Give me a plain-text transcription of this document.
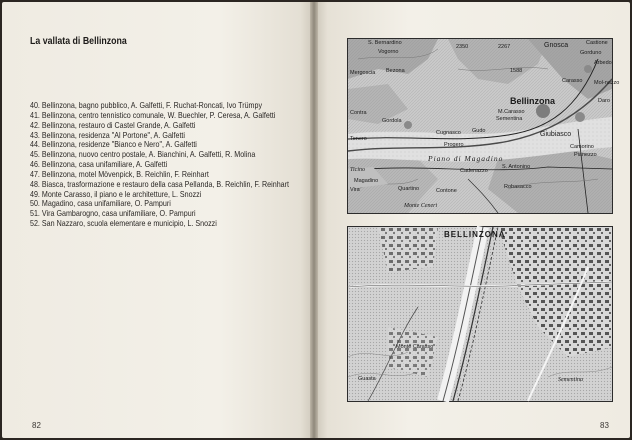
La vallata di Bellinzona
40. Bellinzona, bagno pubblico, A. Galfetti, F. Ruchat-Roncati, Ivo Trümpy
41. Bellinzona, centro tennistico comunale, W. Buechler, P. Ceresa, A. Galfetti
42. Bellinzona, restauro di Castel Grande, A. Galfetti
43. Bellinzona, residenza "Al Portone", A. Galfetti
44. Bellinzona, residenze "Bianco e Nero", A. Galfetti
45. Bellinzona, nuovo centro postale, A. Bianchini, A. Galfetti, R. Molina
46. Bellinzona, casa unifamiliare, A. Galfetti
47. Bellinzona, motel Mövenpick, B. Reichlin, F. Reinhart
48. Biasca, trasformazione e restauro della casa Pellanda, B. Reichlin, F. Reinhart
49. Monte Carasso, il piano e le architetture, L. Snozzi
50. Magadino, casa unifamiliare, O. Pampuri
51. Vira Gambarogno, casa unifamiliare, O. Pampuri
52. San Nazzaro, scuola elementare e municipio, L. Snozzi
82	83
S. Bernardino
Vogorno
2350	2267	Gnosca	Castione
Gorduno
Arbedo
Mergoscia Bezona	1588
Carasso Mol-nazzo
Daro
Bellinzona
Contra	M.Carasso
Sementina
Giubiasco
Gordola
Tenero
Cugnasco Gudo
Progero
Piano di Magadino
Ticino	Cadenazzo
S. Antonino
Magadino
Vira	Quartino	Contone
Robasacco
Monte Ceneri
Camorino
Pianezzo
BELLINZONA
Monte Carasso
Guasta	Sementina
